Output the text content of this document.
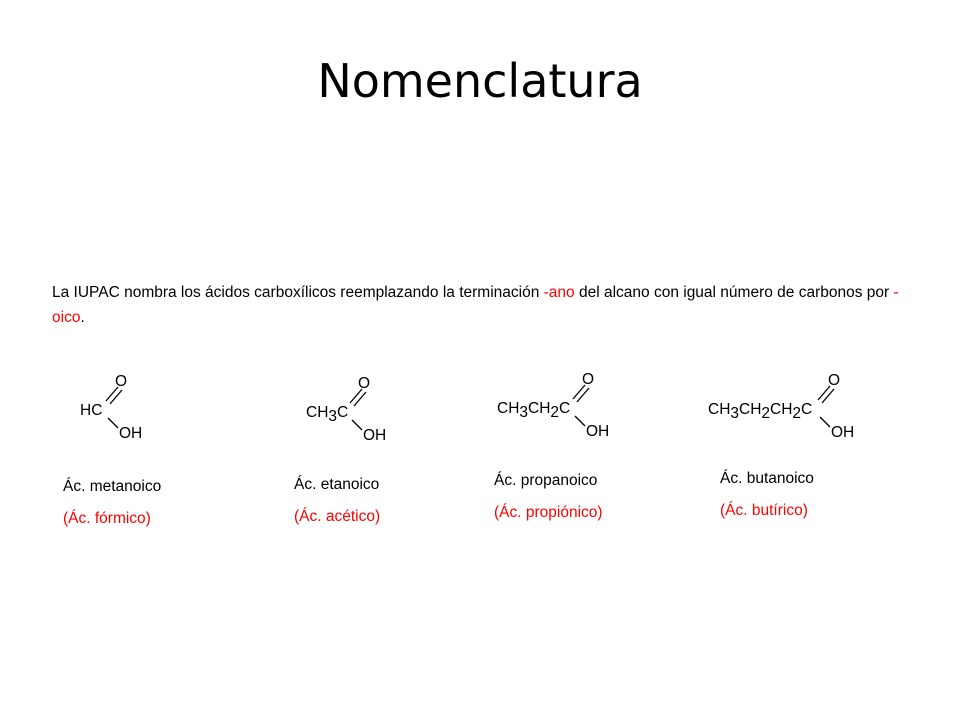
Nomenclatura
La IUPAC nombra los ácidos carboxílicos reemplazando la terminación -ano del alcano con igual número de carbonos por -oico.
HC
O
OH
Ác. metanoico
(Ác. fórmico)
CH3C
O
OH
Ác. etanoico
(Ác. acético)
CH3CH2C
O
OH
Ác. propanoico
(Ác. propiónico)
CH3CH2CH2C
O
OH
Ác. butanoico
(Ác. butírico)
